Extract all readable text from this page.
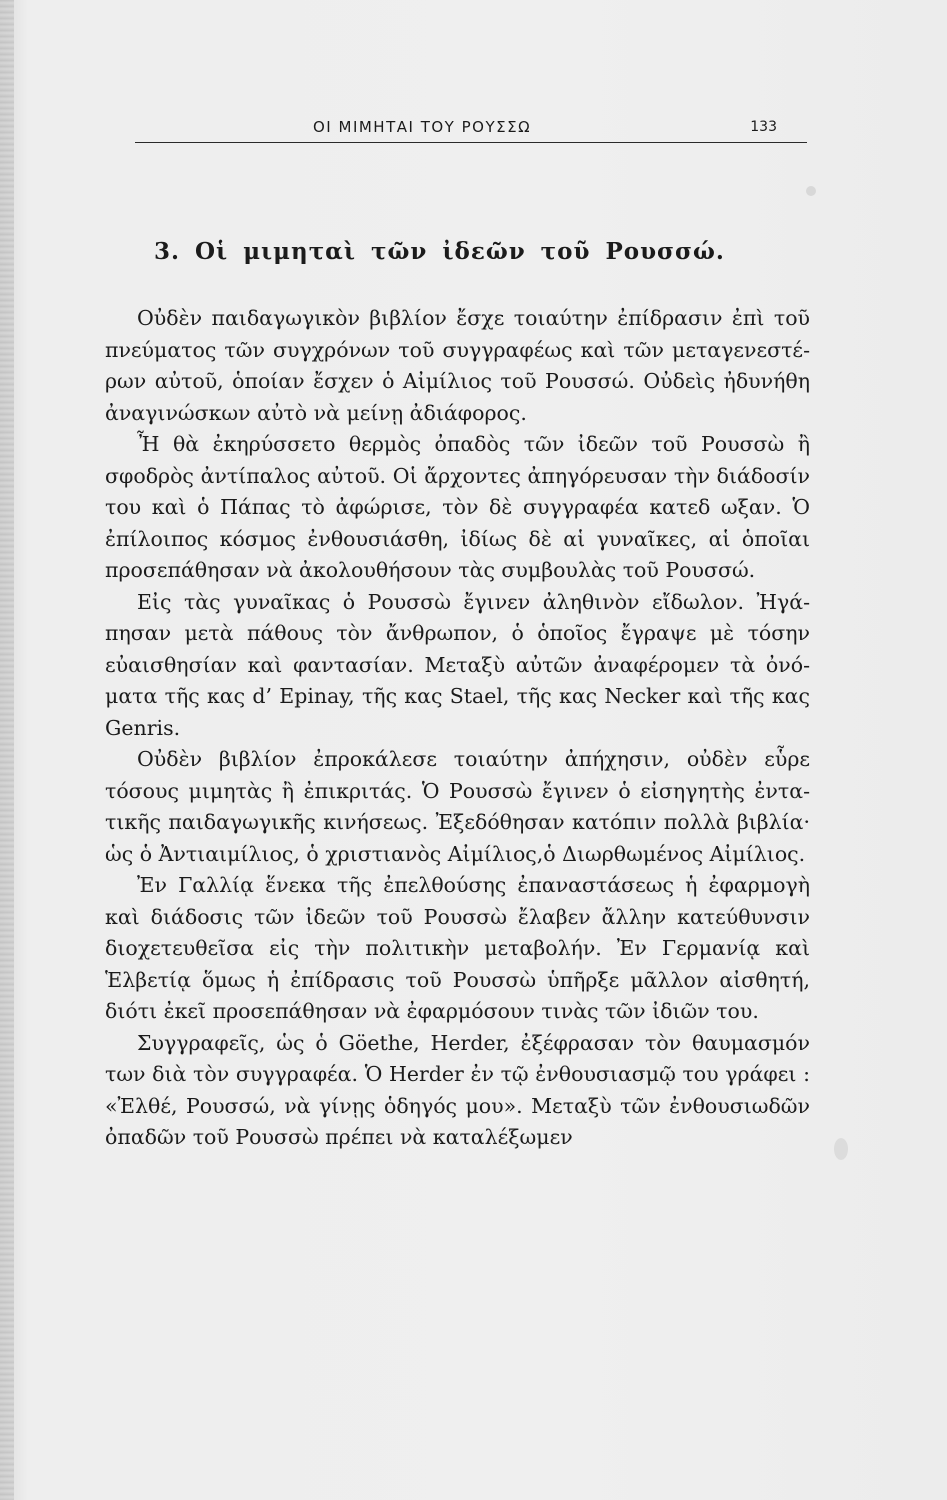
ΟΙ ΜΙΜΗΤΑΙ ΤΟΥ ΡΟΥΣΣΩ	133
3. Οἱ μιμηταὶ τῶν ἰδεῶν τοῦ Ρουσσώ.

Οὐδὲν παιδαγωγικὸν βιβλίον ἔσχε τοιαύτην ἐπίδρασιν ἐπὶ τοῦ πνεύματος τῶν συγχρόνων τοῦ συγγραφέως καὶ τῶν μεταγενεστέρων αὐτοῦ, ὁποίαν ἔσχεν ὁ Αἰμίλιος τοῦ Ρουσσώ. Οὐδεὶς ἠδυνήθη ἀναγινώσκων αὐτὸ νὰ μείνῃ ἀδιάφορος.

Ἦ θὰ ἐκηρύσσετο θερμὸς ὀπαδὸς τῶν ἰδεῶν τοῦ Ρουσσὼ ἢ σφοδρὸς ἀντίπαλος αὐτοῦ. Οἱ ἄρχοντες ἀπηγόρευσαν τὴν διάδοσίν του καὶ ὁ Πάπας τὸ ἀφώρισε, τὸν δὲ συγγραφέα κατεδ ωξαν. Ὁ ἐπίλοιπος κόσμος ἐνθουσιάσθη, ἰδίως δὲ αἱ γυναῖκες, αἱ ὁποῖαι προσεπάθησαν νὰ ἀκολουθήσουν τὰς συμβουλὰς τοῦ Ρουσσώ.

Εἰς τὰς γυναῖκας ὁ Ρουσσὼ ἔγινεν ἀληθινὸν εἴδωλον. Ἠγάπησαν μετὰ πάθους τὸν ἄνθρωπον, ὁ ὁποῖος ἔγραψε μὲ τόσην εὐαισθησίαν καὶ φαντασίαν. Μεταξὺ αὐτῶν ἀναφέρομεν τὰ ὀνόματα τῆς κας d’ Epinay, τῆς κας Stael, τῆς κας Necker καὶ τῆς κας Genris.

Οὐδὲν βιβλίον ἐπροκάλεσε τοιαύτην ἀπήχησιν, οὐδὲν εὗρε τόσους μιμητὰς ἢ ἐπικριτάς. Ὁ Ρουσσὼ ἔγινεν ὁ εἰσηγητὴς ἐντατικῆς παιδαγωγικῆς κινήσεως. Ἐξεδόθησαν κατόπιν πολλὰ βιβλία· ὡς ὁ Ἀντιαιμίλιος, ὁ χριστιανὸς Αἰμίλιος,ὁ Διωρθωμένος Αἰμίλιος.

Ἐν Γαλλίᾳ ἕνεκα τῆς ἐπελθούσης ἐπαναστάσεως ἡ ἐφαρμογὴ καὶ διάδοσις τῶν ἰδεῶν τοῦ Ρουσσὼ ἔλαβεν ἄλλην κατεύθυνσιν διοχετευθεῖσα εἰς τὴν πολιτικὴν μεταβολήν. Ἐν Γερμανίᾳ καὶ Ἑλβετίᾳ ὅμως ἡ ἐπίδρασις τοῦ Ρουσσὼ ὑπῆρξε μᾶλλον αἰσθητή, διότι ἐκεῖ προσεπάθησαν νὰ ἐφαρμόσουν τινὰς τῶν ἰδιῶν του.

Συγγραφεῖς, ὡς ὁ Göethe, Herder, ἐξέφρασαν τὸν θαυμασμόν των διὰ τὸν συγγραφέα. Ὁ Herder ἐν τῷ ἐνθουσιασμῷ του γράφει : «Ἐλθέ, Ρουσσώ, νὰ γίνῃς ὁδηγός μου». Μεταξὺ τῶν ἐνθουσιωδῶν ὀπαδῶν τοῦ Ρουσσὼ πρέπει νὰ καταλέξωμεν
